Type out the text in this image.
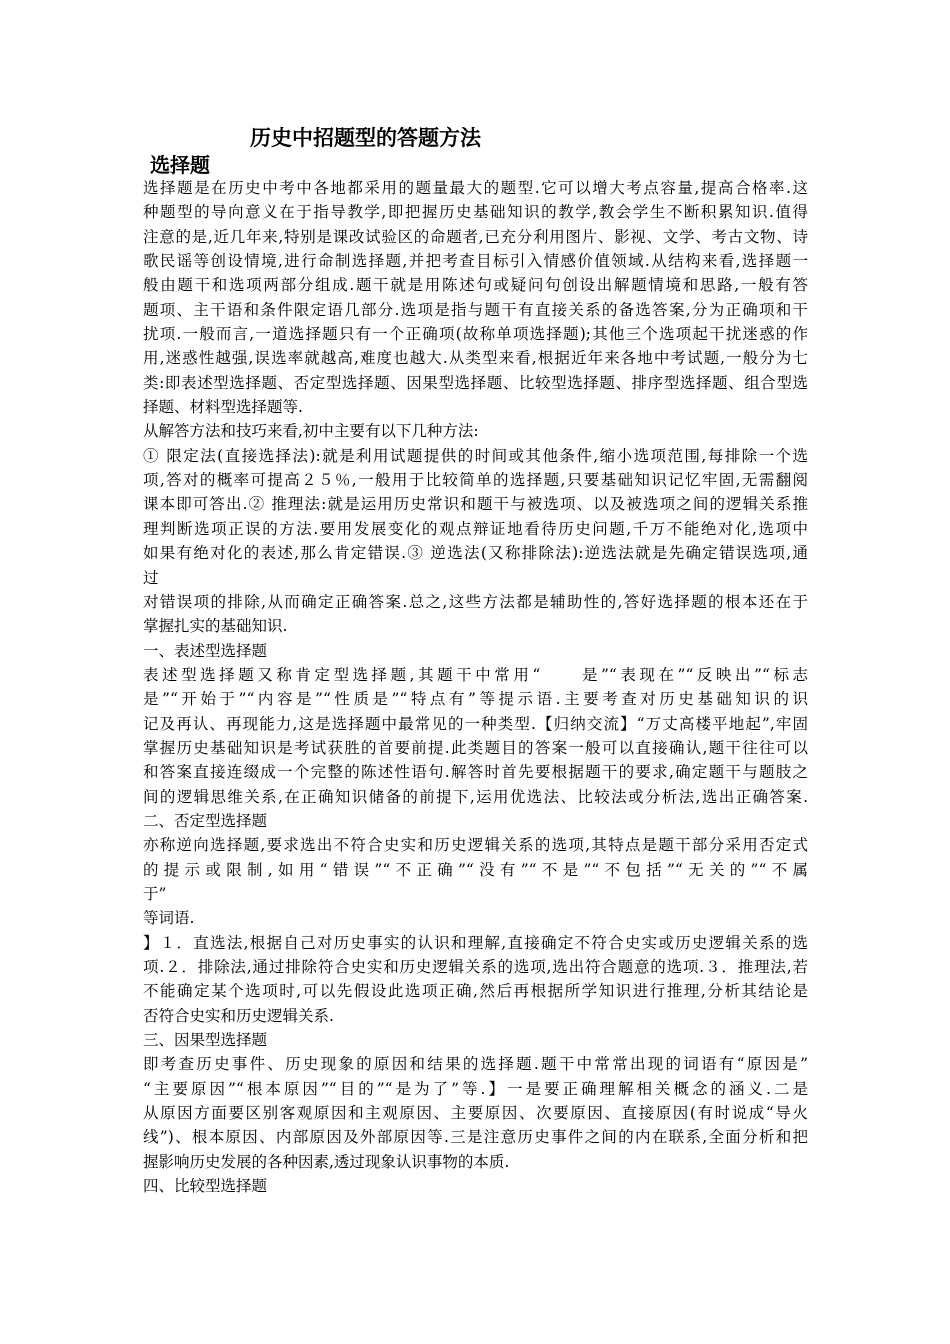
历史中招题型的答题方法
选择题
选择题是在历史中考中各地都采用的题量最大的题型.它可以增大考点容量,提高合格率.这
种题型的导向意义在于指导教学,即把握历史基础知识的教学,教会学生不断积累知识.值得
注意的是,近几年来,特别是课改试验区的命题者,已充分利用图片、影视、文学、考古文物、诗
歌民谣等创设情境,进行命制选择题,并把考查目标引入情感价值领域.从结构来看,选择题一
般由题干和选项两部分组成.题干就是用陈述句或疑问句创设出解题情境和思路,一般有答
题项、主干语和条件限定语几部分.选项是指与题干有直接关系的备选答案,分为正确项和干
扰项.一般而言,一道选择题只有一个正确项(故称单项选择题);其他三个选项起干扰迷惑的作
用,迷惑性越强,误选率就越高,难度也越大.从类型来看,根据近年来各地中考试题,一般分为七
类:即表述型选择题、否定型选择题、因果型选择题、比较型选择题、排序型选择题、组合型选
择题、材料型选择题等.
从解答方法和技巧来看,初中主要有以下几种方法:
① 限定法(直接选择法):就是利用试题提供的时间或其他条件,缩小选项范围,每排除一个选
项,答对的概率可提高２５％,一般用于比较简单的选择题,只要基础知识记忆牢固,无需翻阅
课本即可答出.② 推理法:就是运用历史常识和题干与被选项、以及被选项之间的逻辑关系推
理判断选项正误的方法.要用发展变化的观点辩证地看待历史问题,千万不能绝对化,选项中
如果有绝对化的表述,那么肯定错误.③ 逆选法(又称排除法):逆选法就是先确定错误选项,通
过
对错误项的排除,从而确定正确答案.总之,这些方法都是辅助性的,答好选择题的根本还在于
掌握扎实的基础知识.
一、表述型选择题
表述型选择题又称肯定型选择题,其题干中常用“　　是”“表现在”“反映出”“标志
是”“开始于”“内容是”“性质是”“特点有”等提示语.主要考查对历史基础知识的识
记及再认、再现能力,这是选择题中最常见的一种类型.【归纳交流】“万丈高楼平地起”,牢固
掌握历史基础知识是考试获胜的首要前提.此类题目的答案一般可以直接确认,题干往往可以
和答案直接连缀成一个完整的陈述性语句.解答时首先要根据题干的要求,确定题干与题肢之
间的逻辑思维关系,在正确知识储备的前提下,运用优选法、比较法或分析法,选出正确答案.
二、否定型选择题
亦称逆向选择题,要求选出不符合史实和历史逻辑关系的选项,其特点是题干部分采用否定式
的提示或限制,如用“错误”“不正确”“没有”“不是”“不包括”“无关的”“不属
于”
等词语.
】１．直选法,根据自己对历史事实的认识和理解,直接确定不符合史实或历史逻辑关系的选
项.２．排除法,通过排除符合史实和历史逻辑关系的选项,选出符合题意的选项.３．推理法,若
不能确定某个选项时,可以先假设此选项正确,然后再根据所学知识进行推理,分析其结论是
否符合史实和历史逻辑关系.
三、因果型选择题
即考查历史事件、历史现象的原因和结果的选择题.题干中常常出现的词语有“原因是”
“主要原因”“根本原因”“目的”“是为了”等.】一是要正确理解相关概念的涵义.二是
从原因方面要区别客观原因和主观原因、主要原因、次要原因、直接原因(有时说成“导火
线”)、根本原因、内部原因及外部原因等.三是注意历史事件之间的内在联系,全面分析和把
握影响历史发展的各种因素,透过现象认识事物的本质.
四、比较型选择题
